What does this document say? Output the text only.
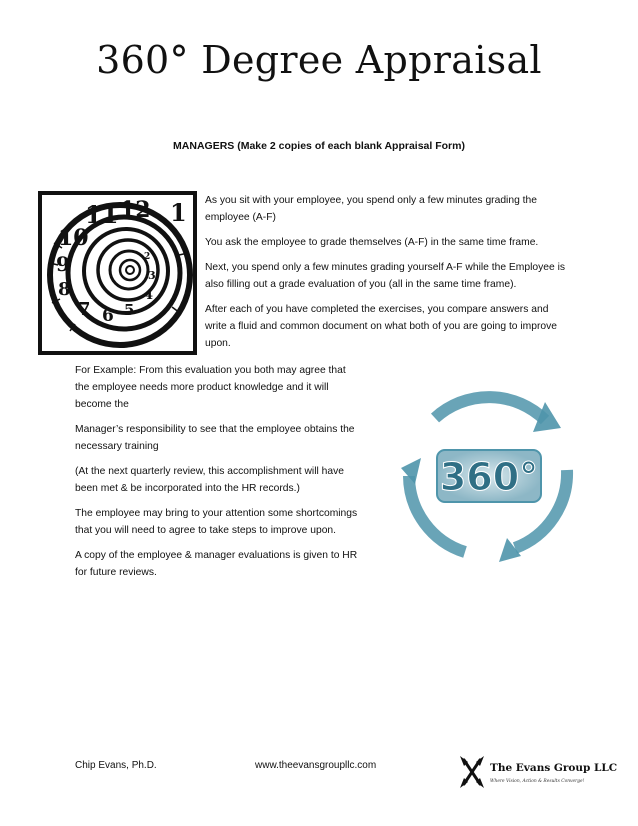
360° Degree Appraisal
MANAGERS (Make 2 copies of each blank Appraisal Form)
11 12 1
10
9
8
7 6 5
4
3
2

As you sit with your employee, you spend only a few minutes grading the employee (A-F)

You ask the employee to grade themselves (A-F) in the same time frame.

Next, you spend only a few minutes grading yourself A-F while the Employee is also filling out a grade evaluation of you (all in the same time frame).

After each of you have completed the exercises, you compare answers and write a fluid and common document on what both of you are going to improve upon.

For Example: From this evaluation you both may agree that the employee needs more product knowledge and it will become the

Manager’s responsibility to see that the employee obtains the necessary training

(At the next quarterly review, this accomplishment will have been met & be incorporated into the HR records.)

The employee may bring to your attention some shortcomings that you will need to agree to take steps to improve upon.

A copy of the employee & manager evaluations is given to HR for future reviews.

360°
Chip Evans, Ph.D.	www.theevansgroupllc.com	The Evans Group LLC
Where Vision, Action & Results Converge!
